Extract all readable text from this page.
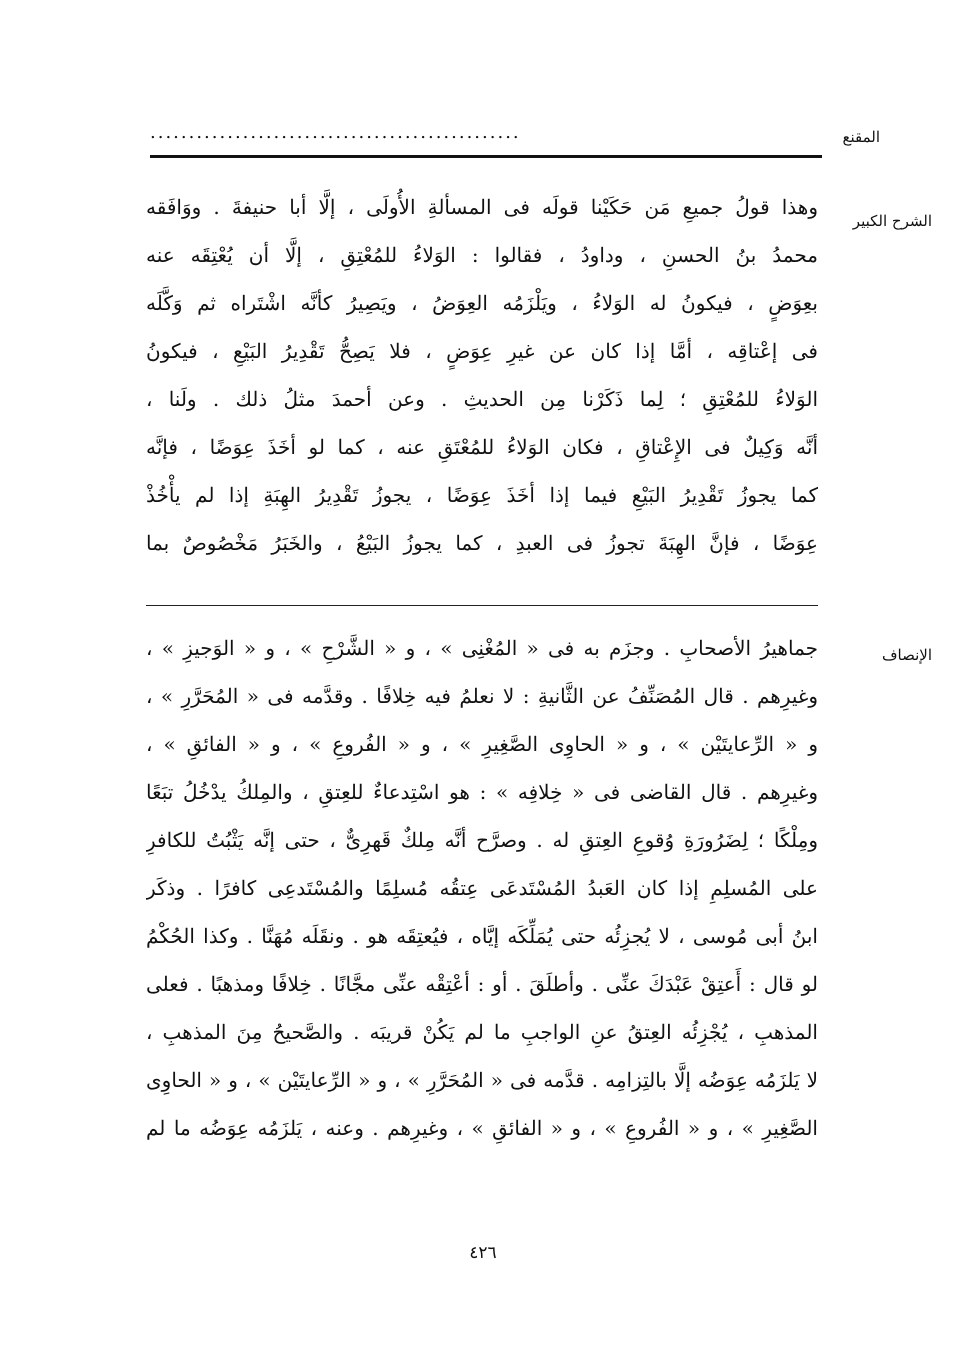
المقنع
................................................
الشرح الكبير
وهذا قولُ جميعِ مَن حَكَيْنا قولَه فى المسألةِ الأُولَى ، إلَّا أبا حنيفةَ . ووَافَقه
محمدُ بنُ الحسنِ ، وداودُ ، فقالوا : الوَلاءُ للمُعْتِقِ ، إلَّا أن يُعْتِقَه عنه
بعِوَضٍ ، فيكونُ له الوَلاءُ ، ويَلْزَمُه العِوَضُ ، ويَصِيرُ كأنَّه اشْتَراه ثم وَكَّلَه
فى إعْتاقِه ، أمَّا إذا كان عن غيرِ عِوَضٍ ، فلا يَصِحُّ تَقْدِيرُ البَيْعِ ، فيكونُ
الوَلاءُ للمُعْتِقِ ؛ لِما ذَكَرْنا مِن الحديثِ . وعن أحمدَ مثلُ ذلك . ولَنا ،
أنَّه وَكِيلٌ فى الإِعْتاقِ ، فكان الوَلاءُ للمُعْتَقِ عنه ، كما لو أخَذَ عِوَضًا ، فإنَّه
كما يجوزُ تَقْدِيرُ البَيْعِ فيما إذا أخَذَ عِوَضًا ، يجوزُ تَقْدِيرُ الهِبَةِ إذا لم يأْخُذْ
عِوَضًا ، فإنَّ الهِبَةَ تجوزُ فى العبدِ ، كما يجوزُ البَيْعُ ، والخَبَرُ مَخْصُوصٌ بما
الإنصاف
جماهيرُ الأصحابِ . وجزَم به فى « المُغْنِى » ، و « الشَّرْحِ » ، و « الوَجيزِ » ،
وغيرِهم . قال المُصَنِّفُ عن الثَّانيةِ : لا نعلمُ فيه خِلافًا . وقدَّمه فى « المُحَرَّرِ » ،
و « الرِّعايتَيْن » ، و « الحاوِى الصَّغِيرِ » ، و « الفُروعِ » ، و « الفائقِ » ،
وغيرِهم . قال القاضى فى « خِلافِه » : هو اسْتِدعاءٌ للعِتقِ ، والمِلكُ يدْخُلُ تبَعًا
ومِلْكًا ؛ لِضَرُورَةِ وُقوعِ العِتقِ له . وصرَّح أنَّه مِلكٌ قَهرِىٌّ ، حتى إنَّه يَثْبُتُ للكافرِ
على المُسلِمِ إذا كان العَبدُ المُسْتَدعَى عِتقُه مُسلِمًا والمُسْتَدعِى كافرًا . وذكَر
ابنُ أبى مُوسى ، لا يُجزِئُه حتى يُمَلِّكَه إيَّاه ، فيُعتِقَه هو . ونقَلَه مُهَنَّا . وكذا الحُكْمُ
لو قال : أَعتِقْ عَبْدَكَ عنِّى . وأطلَقَ . أو : أعْتِقْه عنِّى مجَّانًا . خِلافًا ومذهبًا . فعلى
المذهبِ ، يُجْزِئُه العِتقُ عنِ الواجبِ ما لم يَكُنْ قريبَه . والصَّحيحُ مِنَ المذهبِ ،
لا يَلزَمُه عِوَضُه إلَّا بالتِزامِه . قدَّمه فى « المُحَرَّرِ » ، و « الرِّعايتَيْن » ، و « الحاوِى
الصَّغِيرِ » ، و « الفُروعِ » ، و « الفائقِ » ، وغيرِهم . وعنه ، يَلزَمُه عِوَضُه ما لم
٤٢٦
